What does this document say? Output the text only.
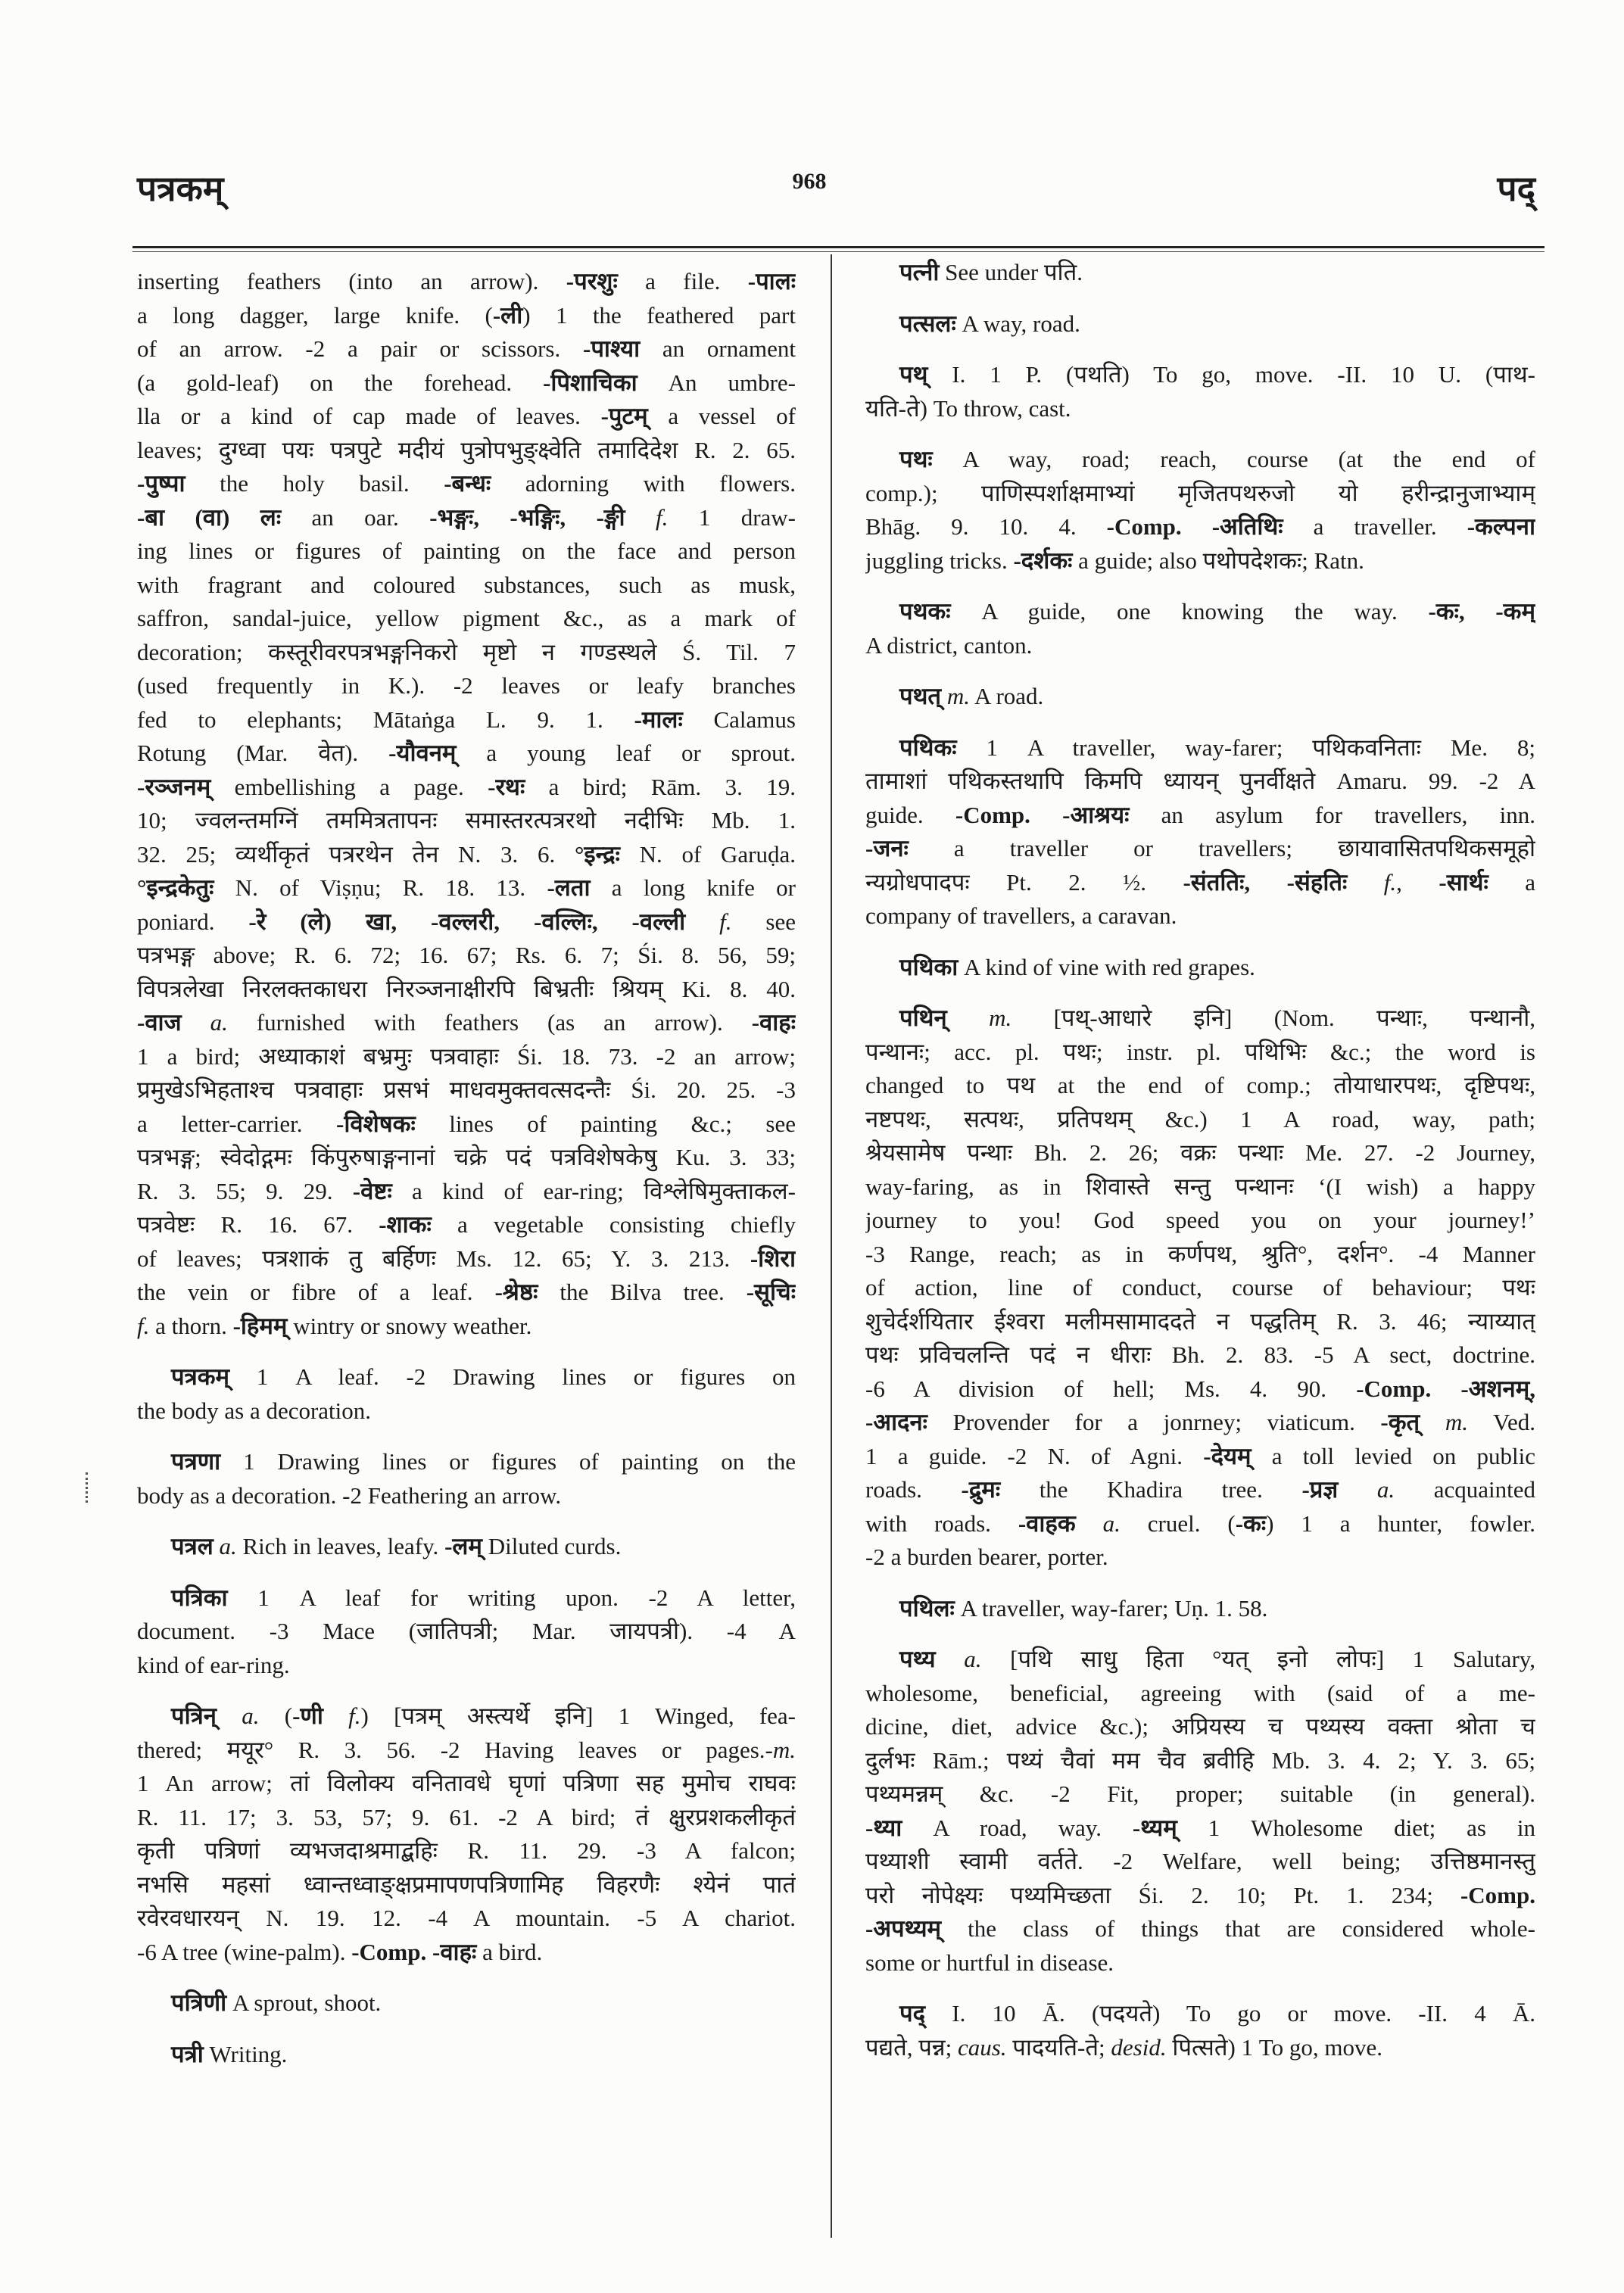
पत्रकम्	968	पद्
inserting feathers (into an arrow). -परशुः a file. -पालः
a long dagger, large knife. (-ली) 1 the feathered part
of an arrow. -2 a pair or scissors. -पाश्या an ornament
(a gold-leaf) on the forehead. -पिशाचिका An umbre-
lla or a kind of cap made of leaves. -पुटम् a vessel of
leaves; दुग्ध्वा पयः पत्रपुटे मदीयं पुत्रोपभुङ्क्ष्वेति तमादिदेश R. 2. 65.
-पुष्पा the holy basil. -बन्धः adorning with flowers.
-बा (वा) लः an oar. -भङ्गः, -भङ्गिः, -ङ्गी f. 1 draw-
ing lines or figures of painting on the face and person
with fragrant and coloured substances, such as musk,
saffron, sandal-juice, yellow pigment &c., as a mark of
decoration; कस्तूरीवरपत्रभङ्गनिकरो मृष्टो न गण्डस्थले Ś. Til. 7
(used frequently in K.). -2 leaves or leafy branches
fed to elephants; Mātaṅga L. 9. 1. -मालः Calamus
Rotung (Mar. वेत). -यौवनम् a young leaf or sprout.
-रञ्जनम् embellishing a page. -रथः a bird; Rām. 3. 19.
10; ज्वलन्तमग्निं तममित्रतापनः समास्तरत्पत्ररथो नदीभिः Mb. 1.
32. 25; व्यर्थीकृतं पत्ररथेन तेन N. 3. 6. °इन्द्रः N. of Garuḍa.
°इन्द्रकेतुः N. of Viṣṇu; R. 18. 13. -लता a long knife or
poniard. -रे (ले) खा, -वल्लरी, -वल्लिः, -वल्ली f. see
पत्रभङ्ग above; R. 6. 72; 16. 67; Rs. 6. 7; Śi. 8. 56, 59;
विपत्रलेखा निरलक्तकाधरा निरञ्जनाक्षीरपि बिभ्रतीः श्रियम् Ki. 8. 40.
-वाज a. furnished with feathers (as an arrow). -वाहः
1 a bird; अध्याकाशं बभ्रमुः पत्रवाहाः Śi. 18. 73. -2 an arrow;
प्रमुखेऽभिहताश्च पत्रवाहाः प्रसभं माधवमुक्तवत्सदन्तैः Śi. 20. 25. -3
a letter-carrier. -विशेषकः lines of painting &c.; see
पत्रभङ्ग; स्वेदोद्गमः किंपुरुषाङ्गनानां चक्रे पदं पत्रविशेषकेषु Ku. 3. 33;
R. 3. 55; 9. 29. -वेष्टः a kind of ear-ring; विश्लेषिमुक्ताकल-
पत्रवेष्टः R. 16. 67. -शाकः a vegetable consisting chiefly
of leaves; पत्रशाकं तु बर्हिणः Ms. 12. 65; Y. 3. 213. -शिरा
the vein or fibre of a leaf. -श्रेष्ठः the Bilva tree. -सूचिः
f. a thorn. -हिमम् wintry or snowy weather.
पत्रकम् 1 A leaf. -2 Drawing lines or figures on
the body as a decoration.
पत्रणा 1 Drawing lines or figures of painting on the
body as a decoration. -2 Feathering an arrow.
पत्रल a. Rich in leaves, leafy. -लम् Diluted curds.
पत्रिका 1 A leaf for writing upon. -2 A letter,
document. -3 Mace (जातिपत्री; Mar. जायपत्री). -4 A
kind of ear-ring.
पत्रिन् a. (-णी f.) [पत्रम् अस्त्यर्थे इनि] 1 Winged, fea-
thered; मयूर° R. 3. 56. -2 Having leaves or pages.-m.
1 An arrow; तां विलोक्य वनितावधे घृणां पत्रिणा सह मुमोच राघवः
R. 11. 17; 3. 53, 57; 9. 61. -2 A bird; तं क्षुरप्रशकलीकृतं
कृती पत्रिणां व्यभजदाश्रमाद्बहिः R. 11. 29. -3 A falcon;
नभसि महसां ध्वान्तध्वाङ्क्षप्रमापणपत्रिणामिह विहरणैः श्येनं पातं
रवेरवधारयन् N. 19. 12. -4 A mountain. -5 A chariot.
-6 A tree (wine-palm). -Comp. -वाहः a bird.
पत्रिणी A sprout, shoot.
पत्री Writing.
पत्नी See under पति.
पत्सलः A way, road.
पथ् I. 1 P. (पथति) To go, move. -II. 10 U. (पाथ-
यति-ते) To throw, cast.
पथः A way, road; reach, course (at the end of
comp.); पाणिस्पर्शाक्षमाभ्यां मृजितपथरुजो यो हरीन्द्रानुजाभ्याम्
Bhāg. 9. 10. 4. -Comp. -अतिथिः a traveller. -कल्पना
juggling tricks. -दर्शकः a guide; also पथोपदेशकः; Ratn.
पथकः A guide, one knowing the way. -कः, -कम्
A district, canton.
पथत् m. A road.
पथिकः 1 A traveller, way-farer; पथिकवनिताः Me. 8;
तामाशां पथिकस्तथापि किमपि ध्यायन् पुनर्वीक्षते Amaru. 99. -2 A
guide. -Comp. -आश्रयः an asylum for travellers, inn.
-जनः a traveller or travellers; छायावासितपथिकसमूहो
न्यग्रोधपादपः Pt. 2. ½. -संततिः, -संहतिः f., -सार्थः a
company of travellers, a caravan.
पथिका A kind of vine with red grapes.
पथिन् m. [पथ्-आधारे इनि] (Nom. पन्थाः, पन्थानौ,
पन्थानः; acc. pl. पथः; instr. pl. पथिभिः &c.; the word is
changed to पथ at the end of comp.; तोयाधारपथः, दृष्टिपथः,
नष्टपथः, सत्पथः, प्रतिपथम् &c.) 1 A road, way, path;
श्रेयसामेष पन्थाः Bh. 2. 26; वक्रः पन्थाः Me. 27. -2 Journey,
way-faring, as in शिवास्ते सन्तु पन्थानः ‘(I wish) a happy
journey to you! God speed you on your journey!’
-3 Range, reach; as in कर्णपथ, श्रुति°, दर्शन°. -4 Manner
of action, line of conduct, course of behaviour; पथः
शुचेर्दर्शयितार ईश्वरा मलीमसामाददते न पद्धतिम् R. 3. 46; न्याय्यात्
पथः प्रविचलन्ति पदं न धीराः Bh. 2. 83. -5 A sect, doctrine.
-6 A division of hell; Ms. 4. 90. -Comp. -अशनम्,
-आदनः Provender for a jonrney; viaticum. -कृत् m. Ved.
1 a guide. -2 N. of Agni. -देयम् a toll levied on public
roads. -द्रुमः the Khadira tree. -प्रज्ञ a. acquainted
with roads. -वाहक a. cruel. (-कः) 1 a hunter, fowler.
-2 a burden bearer, porter.
पथिलः A traveller, way-farer; Uṇ. 1. 58.
पथ्य a. [पथि साधु हिता °यत् इनो लोपः] 1 Salutary,
wholesome, beneficial, agreeing with (said of a me-
dicine, diet, advice &c.); अप्रियस्य च पथ्यस्य वक्ता श्रोता च
दुर्लभः Rām.; पथ्यं चैवां मम चैव ब्रवीहि Mb. 3. 4. 2; Y. 3. 65;
पथ्यमन्नम् &c. -2 Fit, proper; suitable (in general).
-थ्या A road, way. -थ्यम् 1 Wholesome diet; as in
पथ्याशी स्वामी वर्तते. -2 Welfare, well being; उत्तिष्ठमानस्तु
परो नोपेक्ष्यः पथ्यमिच्छता Śi. 2. 10; Pt. 1. 234; -Comp.
-अपथ्यम् the class of things that are considered whole-
some or hurtful in disease.
पद् I. 10 Ā. (पदयते) To go or move. -II. 4 Ā.
पद्यते, पन्न; caus. पादयति-ते; desid. पित्सते) 1 To go, move.
